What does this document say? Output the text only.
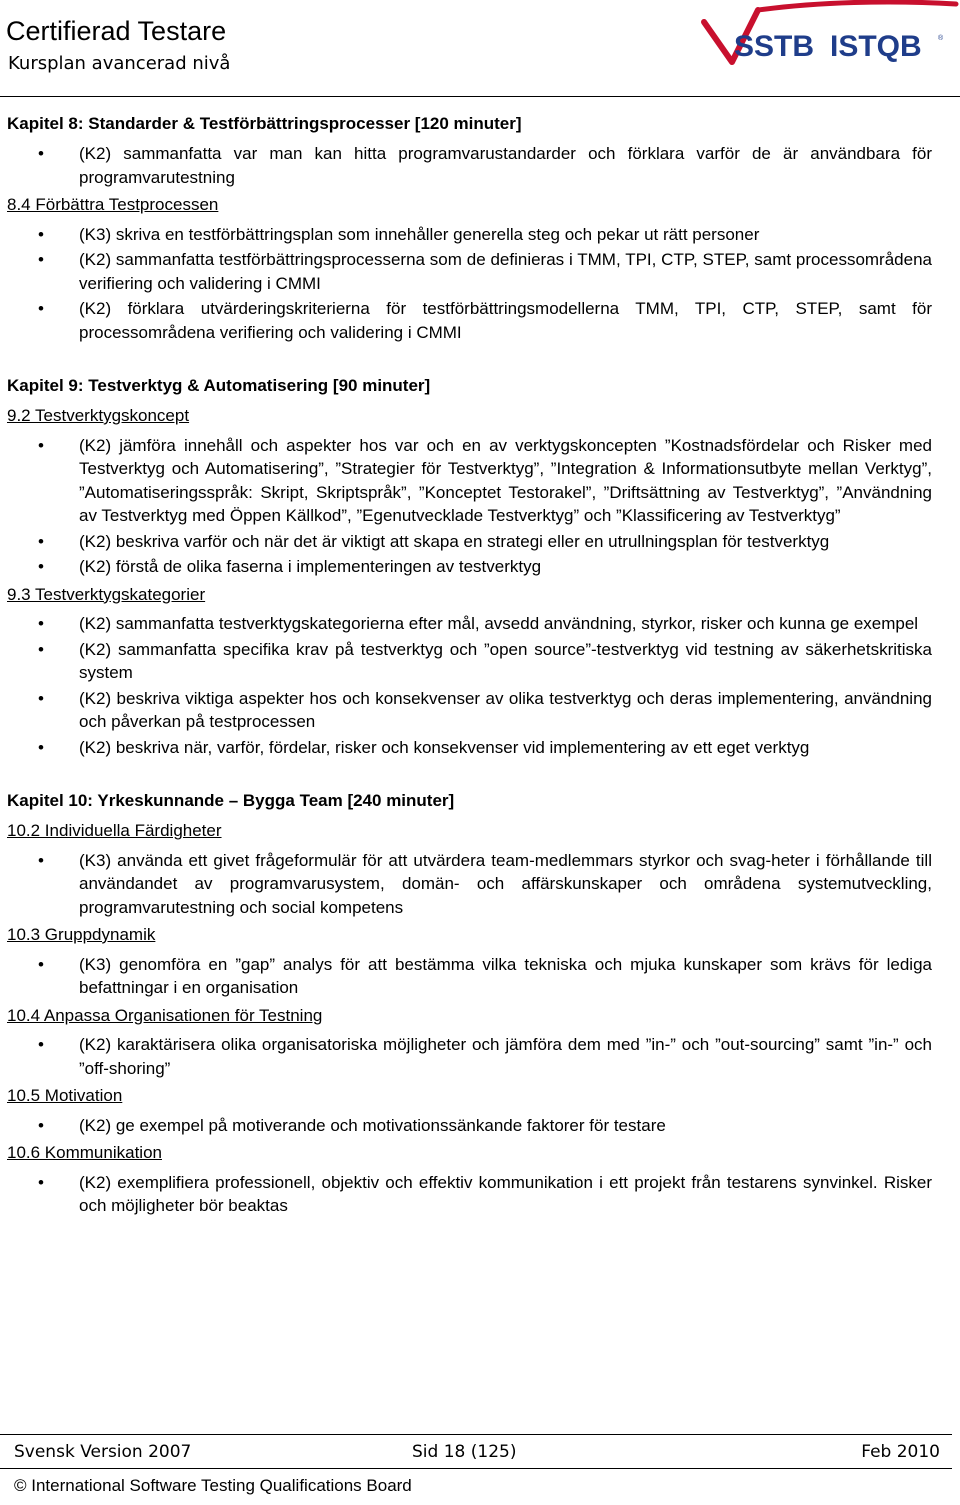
Certifierad Testare
Kursplan avancerad nivå
SSTB ISTQB ®
Kapitel 8: Standarder & Testförbättringsprocesser [120 minuter]
• (K2) sammanfatta var man kan hitta programvarustandarder och förklara varför de är användbara för programvarutestning
8.4 Förbättra Testprocessen
• (K3) skriva en testförbättringsplan som innehåller generella steg och pekar ut rätt personer
• (K2) sammanfatta testförbättringsprocesserna som de definieras i TMM, TPI, CTP, STEP, samt processområdena verifiering och validering i CMMI
• (K2) förklara utvärderingskriterierna för testförbättringsmodellerna TMM, TPI, CTP, STEP, samt för processområdena verifiering och validering i CMMI
Kapitel 9: Testverktyg & Automatisering [90 minuter]
9.2 Testverktygskoncept
• (K2) jämföra innehåll och aspekter hos var och en av verktygskoncepten ”Kostnadsfördelar och Risker med Testverktyg och Automatisering”, ”Strategier för Testverktyg”, ”Integration & Informationsutbyte mellan Verktyg”, ”Automatiseringsspråk: Skript, Skriptspråk”, ”Konceptet Testorakel”, ”Driftsättning av Testverktyg”, ”Användning av Testverktyg med Öppen Källkod”, ”Egenutvecklade Testverktyg” och ”Klassificering av Testverktyg”
• (K2) beskriva varför och när det är viktigt att skapa en strategi eller en utrullningsplan för testverktyg
• (K2) förstå de olika faserna i implementeringen av testverktyg
9.3 Testverktygskategorier
• (K2) sammanfatta testverktygskategorierna efter mål, avsedd användning, styrkor, risker och kunna ge exempel
• (K2) sammanfatta specifika krav på testverktyg och ”open source”-testverktyg vid testning av säkerhetskritiska system
• (K2) beskriva viktiga aspekter hos och konsekvenser av olika testverktyg och deras implementering, användning och påverkan på testprocessen
• (K2) beskriva när, varför, fördelar, risker och konsekvenser vid implementering av ett eget verktyg
Kapitel 10: Yrkeskunnande – Bygga Team [240 minuter]
10.2 Individuella Färdigheter
• (K3) använda ett givet frågeformulär för att utvärdera team-medlemmars styrkor och svag-heter i förhållande till användandet av programvarusystem, domän- och affärskunskaper och områdena systemutveckling, programvarutestning och social kompetens
10.3 Gruppdynamik
• (K3) genomföra en ”gap” analys för att bestämma vilka tekniska och mjuka kunskaper som krävs för lediga befattningar i en organisation
10.4 Anpassa Organisationen för Testning
• (K2) karaktärisera olika organisatoriska möjligheter och jämföra dem med ”in-” och ”out-sourcing” samt ”in-” och ”off-shoring”
10.5 Motivation
• (K2) ge exempel på motiverande och motivationssänkande faktorer för testare
10.6 Kommunikation
• (K2) exemplifiera professionell, objektiv och effektiv kommunikation i ett projekt från testarens synvinkel. Risker och möjligheter bör beaktas
Svensk Version 2007	Sid 18 (125)	Feb 2010
© International Software Testing Qualifications Board
